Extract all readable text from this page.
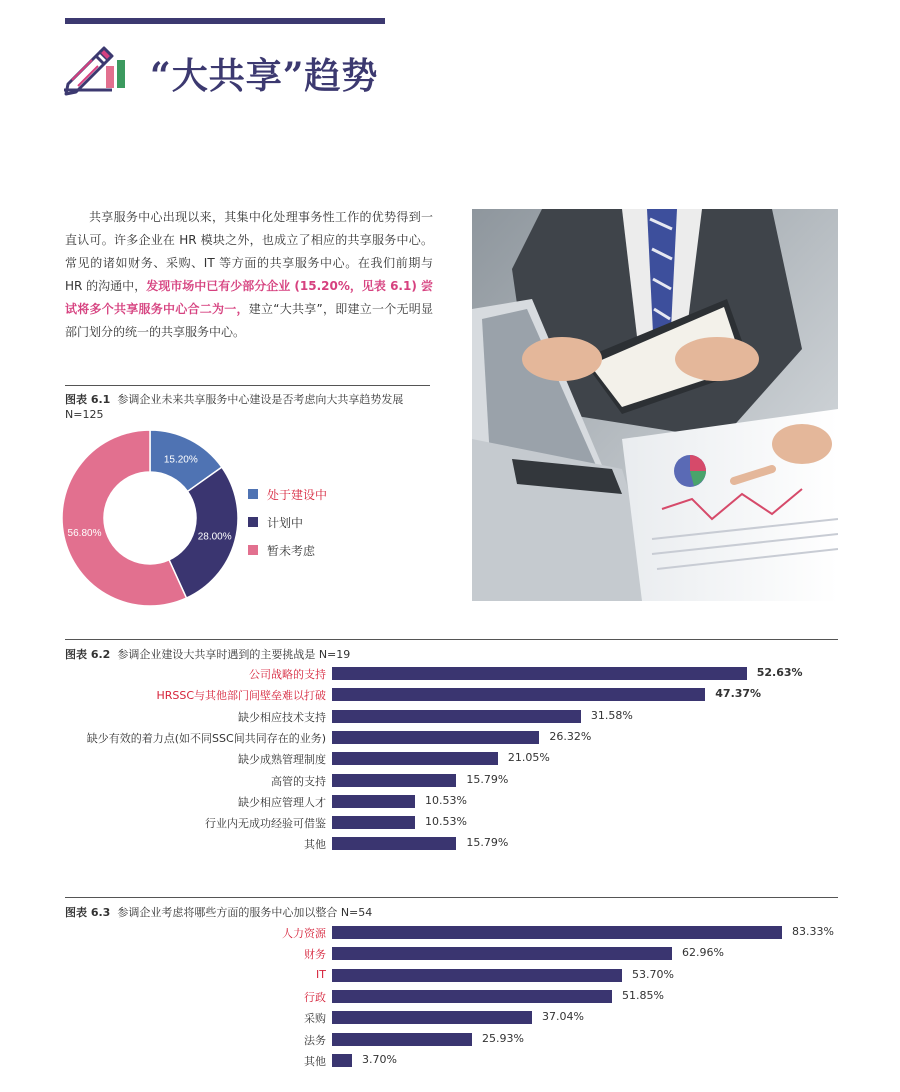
“大共享”趋势
共享服务中心出现以来，其集中化处理事务性工作的优势得到一直认可。许多企业在 HR 模块之外，也成立了相应的共享服务中心。常见的诸如财务、采购、IT 等方面的共享服务中心。在我们前期与 HR 的沟通中，发现市场中已有少部分企业 (15.20%，见表 6.1) 尝试将多个共享服务中心合二为一，建立“大共享”，即建立一个无明显部门划分的统一的共享服务中心。
图表 6.1 参调企业未来共享服务中心建设是否考虑向大共享趋势发展 N=125
15.20%
28.00%
56.80%
处于建设中
计划中
暂未考虑
图表 6.2 参调企业建设大共享时遇到的主要挑战是 N=19
公司战略的支持	52.63%
HRSSC与其他部门间壁垒难以打破	47.37%
缺少相应技术支持	31.58%
缺少有效的着力点(如不同SSC间共同存在的业务)	26.32%
缺少成熟管理制度	21.05%
高管的支持	15.79%
缺少相应管理人才	10.53%
行业内无成功经验可借鉴	10.53%
其他	15.79%
图表 6.3 参调企业考虑将哪些方面的服务中心加以整合 N=54
人力资源	83.33%
财务	62.96%
IT	53.70%
行政	51.85%
采购	37.04%
法务	25.93%
其他	3.70%
